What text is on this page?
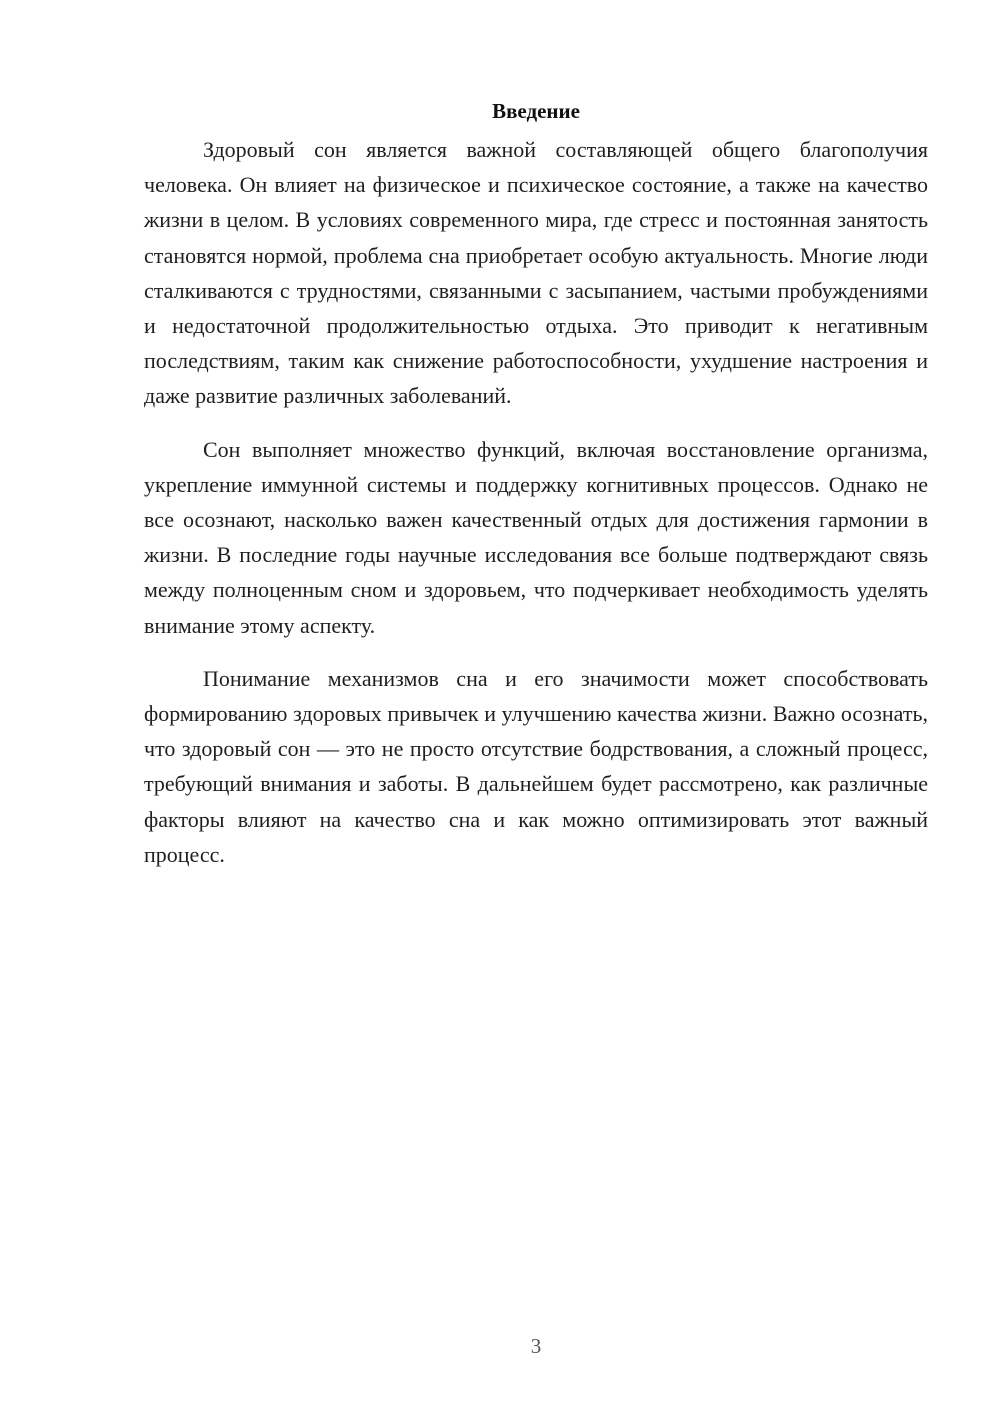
Введение

Здоровый сон является важной составляющей общего благополучия человека. Он влияет на физическое и психическое состояние, а также на качество жизни в целом. В условиях современного мира, где стресс и постоянная занятость становятся нормой, проблема сна приобретает особую актуальность. Многие люди сталкиваются с трудностями, связанными с засыпанием, частыми пробуждениями и недостаточной продолжительностью отдыха. Это приводит к негативным последствиям, таким как снижение работоспособности, ухудшение настроения и даже развитие различных заболеваний.

Сон выполняет множество функций, включая восстановление организма, укрепление иммунной системы и поддержку когнитивных процессов. Однако не все осознают, насколько важен качественный отдых для достижения гармонии в жизни. В последние годы научные исследования все больше подтверждают связь между полноценным сном и здоровьем, что подчеркивает необходимость уделять внимание этому аспекту.

Понимание механизмов сна и его значимости может способствовать формированию здоровых привычек и улучшению качества жизни. Важно осознать, что здоровый сон — это не просто отсутствие бодрствования, а сложный процесс, требующий внимания и заботы. В дальнейшем будет рассмотрено, как различные факторы влияют на качество сна и как можно оптимизировать этот важный процесс.

3
